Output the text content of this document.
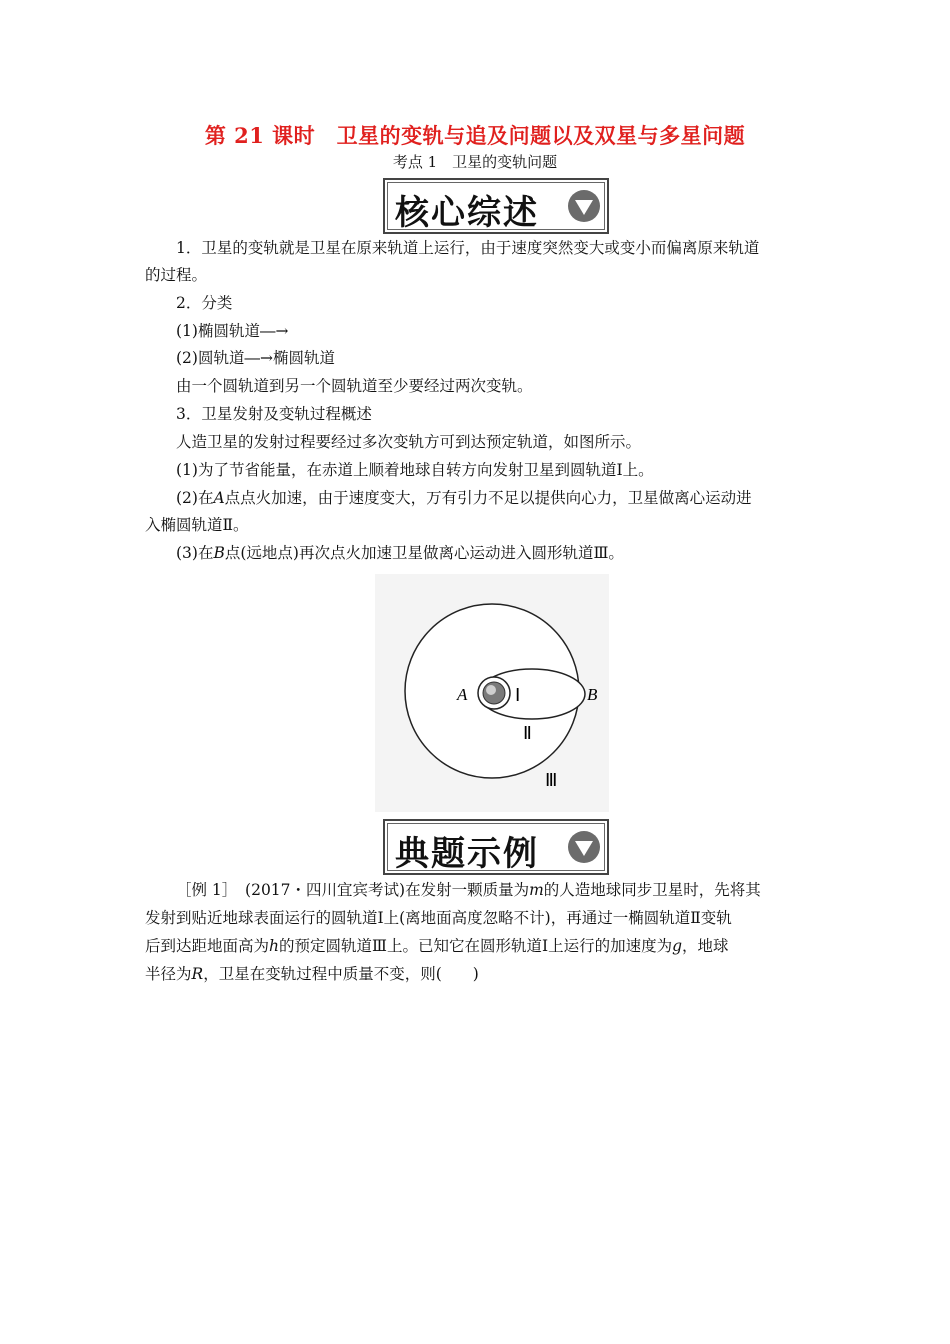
第 21 课时　卫星的变轨与追及问题以及双星与多星问题
考点 1　卫星的变轨问题
核心综述
1．卫星的变轨就是卫星在原来轨道上运行，由于速度突然变大或变小而偏离原来轨道
的过程。
2．分类
(1)椭圆轨道―→
(2)圆轨道―→椭圆轨道
由一个圆轨道到另一个圆轨道至少要经过两次变轨。
3．卫星发射及变轨过程概述
人造卫星的发射过程要经过多次变轨方可到达预定轨道，如图所示。
(1)为了节省能量，在赤道上顺着地球自转方向发射卫星到圆轨道Ⅰ上。
(2)在A点点火加速，由于速度变大，万有引力不足以提供向心力，卫星做离心运动进
入椭圆轨道Ⅱ。
(3)在B点(远地点)再次点火加速卫星做离心运动进入圆形轨道Ⅲ。
A	B
Ⅰ
Ⅱ
Ⅲ
典题示例
［例 1］　(2017・四川宜宾考试)在发射一颗质量为m的人造地球同步卫星时，先将其
发射到贴近地球表面运行的圆轨道Ⅰ上(离地面高度忽略不计)，再通过一椭圆轨道Ⅱ变轨
后到达距地面高为h的预定圆轨道Ⅲ上。已知它在圆形轨道Ⅰ上运行的加速度为g，地球
半径为R，卫星在变轨过程中质量不变，则(　　)
